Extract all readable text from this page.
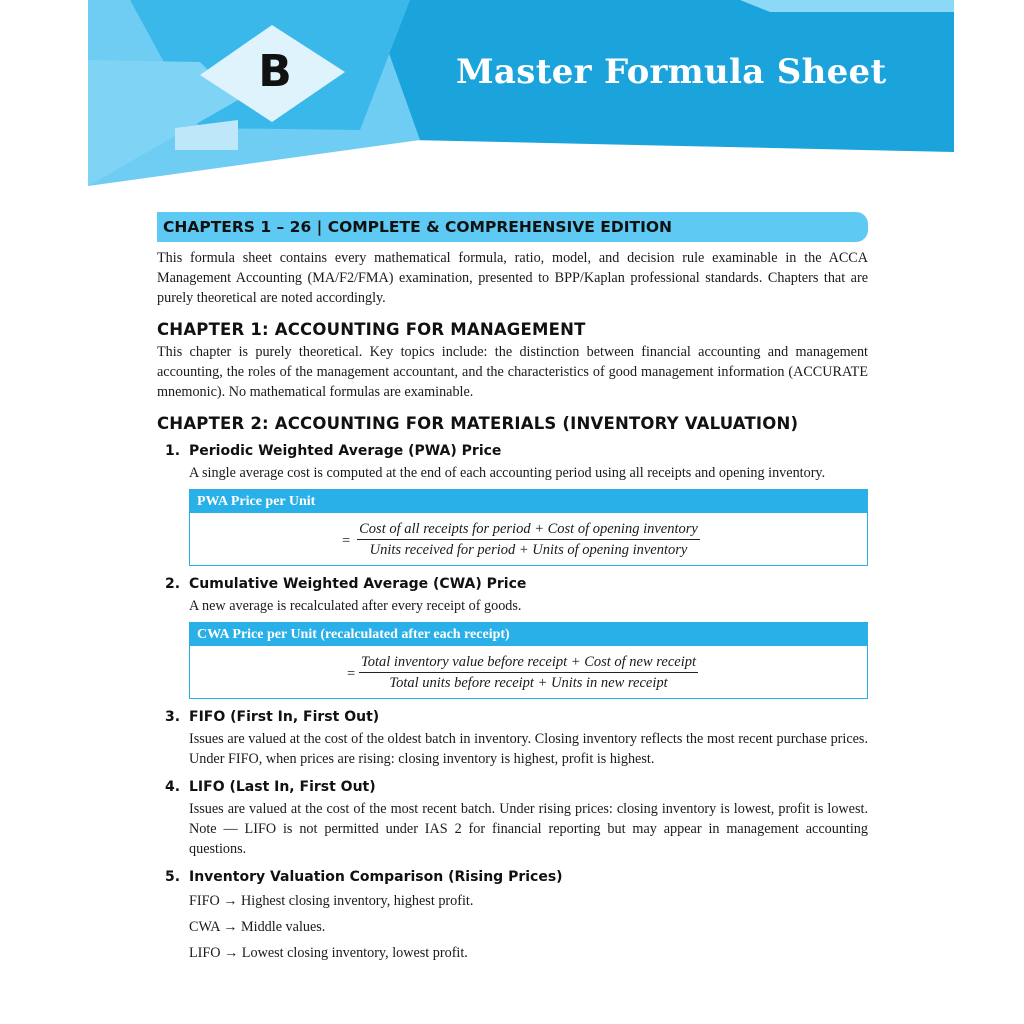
B	Master Formula Sheet
CHAPTERS 1 – 26 | COMPLETE & COMPREHENSIVE EDITION

This formula sheet contains every mathematical formula, ratio, model, and decision rule examinable in the ACCA Management Accounting (MA/F2/FMA) examination, presented to BPP/Kaplan professional standards. Chapters that are purely theoretical are noted accordingly.

CHAPTER 1: ACCOUNTING FOR MANAGEMENT

This chapter is purely theoretical. Key topics include: the distinction between financial accounting and management accounting, the roles of the management accountant, and the characteristics of good management information (ACCURATE mnemonic). No mathematical formulas are examinable.

CHAPTER 2: ACCOUNTING FOR MATERIALS (INVENTORY VALUATION)
1. Periodic Weighted Average (PWA) Price

A single average cost is computed at the end of each accounting period using all receipts and opening inventory.

PWA Price per Unit
= $\frac{\text{Cost of all receipts for period + Cost of opening inventory}}{\text{Units received for period + Units of opening inventory}}$
2. Cumulative Weighted Average (CWA) Price

A new average is recalculated after every receipt of goods.

CWA Price per Unit (recalculated after each receipt)
= $\frac{\text{Total inventory value before receipt + Cost of new receipt}}{\text{Total units before receipt + Units in new receipt}}$
3. FIFO (First In, First Out)

Issues are valued at the cost of the oldest batch in inventory. Closing inventory reflects the most recent purchase prices. Under FIFO, when prices are rising: closing inventory is highest, profit is highest.

4. LIFO (Last In, First Out)

Issues are valued at the cost of the most recent batch. Under rising prices: closing inventory is lowest, profit is lowest. Note — LIFO is not permitted under IAS 2 for financial reporting but may appear in management accounting questions.

5. Inventory Valuation Comparison (Rising Prices)
FIFO → Highest closing inventory, highest profit.
CWA → Middle values.
LIFO → Lowest closing inventory, lowest profit.
